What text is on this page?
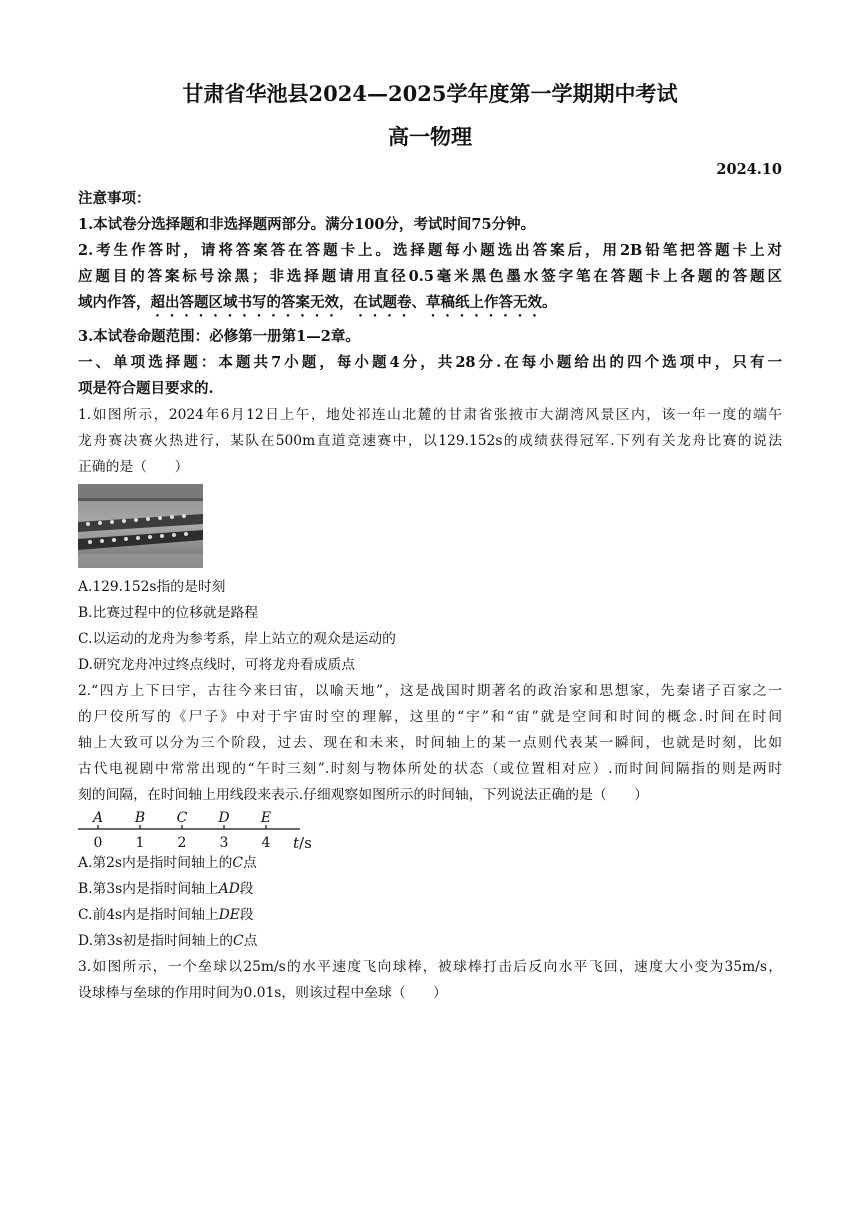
甘肃省华池县2024—2025学年度第一学期期中考试
高一物理
2024.10
注意事项：
1.本试卷分选择题和非选择题两部分。满分100分，考试时间75分钟。
2.考生作答时，请将答案答在答题卡上。选择题每小题选出答案后，用2B铅笔把答题卡上对
应题目的答案标号涂黑；非选择题请用直径0.5毫米黑色墨水签字笔在答题卡上各题的答题区
域内作答，超出答题区域书写的答案无效，在试题卷、草稿纸上作答无效。
3.本试卷命题范围：必修第一册第1—2章。
一、单项选择题：本题共7小题，每小题4分，共28分.在每小题给出的四个选项中，只有一
项是符合题目要求的.
1.如图所示，2024年6月12日上午，地处祁连山北麓的甘肃省张掖市大湖湾风景区内，该一年一度的端午
龙舟赛决赛火热进行，某队在500m直道竞速赛中，以129.152s的成绩获得冠军.下列有关龙舟比赛的说法
正确的是（　　）
A.129.152s指的是时刻
B.比赛过程中的位移就是路程
C.以运动的龙舟为参考系，岸上站立的观众是运动的
D.研究龙舟冲过终点线时，可将龙舟看成质点
2.“四方上下曰宇，古往今来曰宙，以喻天地”，这是战国时期著名的政治家和思想家，先秦诸子百家之一
的尸佼所写的《尸子》中对于宇宙时空的理解，这里的“宇”和“宙”就是空间和时间的概念.时间在时间
轴上大致可以分为三个阶段，过去、现在和未来，时间轴上的某一点则代表某一瞬间，也就是时刻，比如
古代电视剧中常常出现的“午时三刻”.时刻与物体所处的状态（或位置相对应）.而时间间隔指的则是两时
刻的间隔，在时间轴上用线段来表示.仔细观察如图所示的时间轴，下列说法正确的是（　　）
A B C D E
0 1 2 3 4 t/s
A.第2s内是指时间轴上的C点
B.第3s内是指时间轴上AD段
C.前4s内是指时间轴上DE段
D.第3s初是指时间轴上的C点
3.如图所示，一个垒球以25m/s的水平速度飞向球棒，被球棒打击后反向水平飞回，速度大小变为35m/s，
设球棒与垒球的作用时间为0.01s，则该过程中垒球（　　）
